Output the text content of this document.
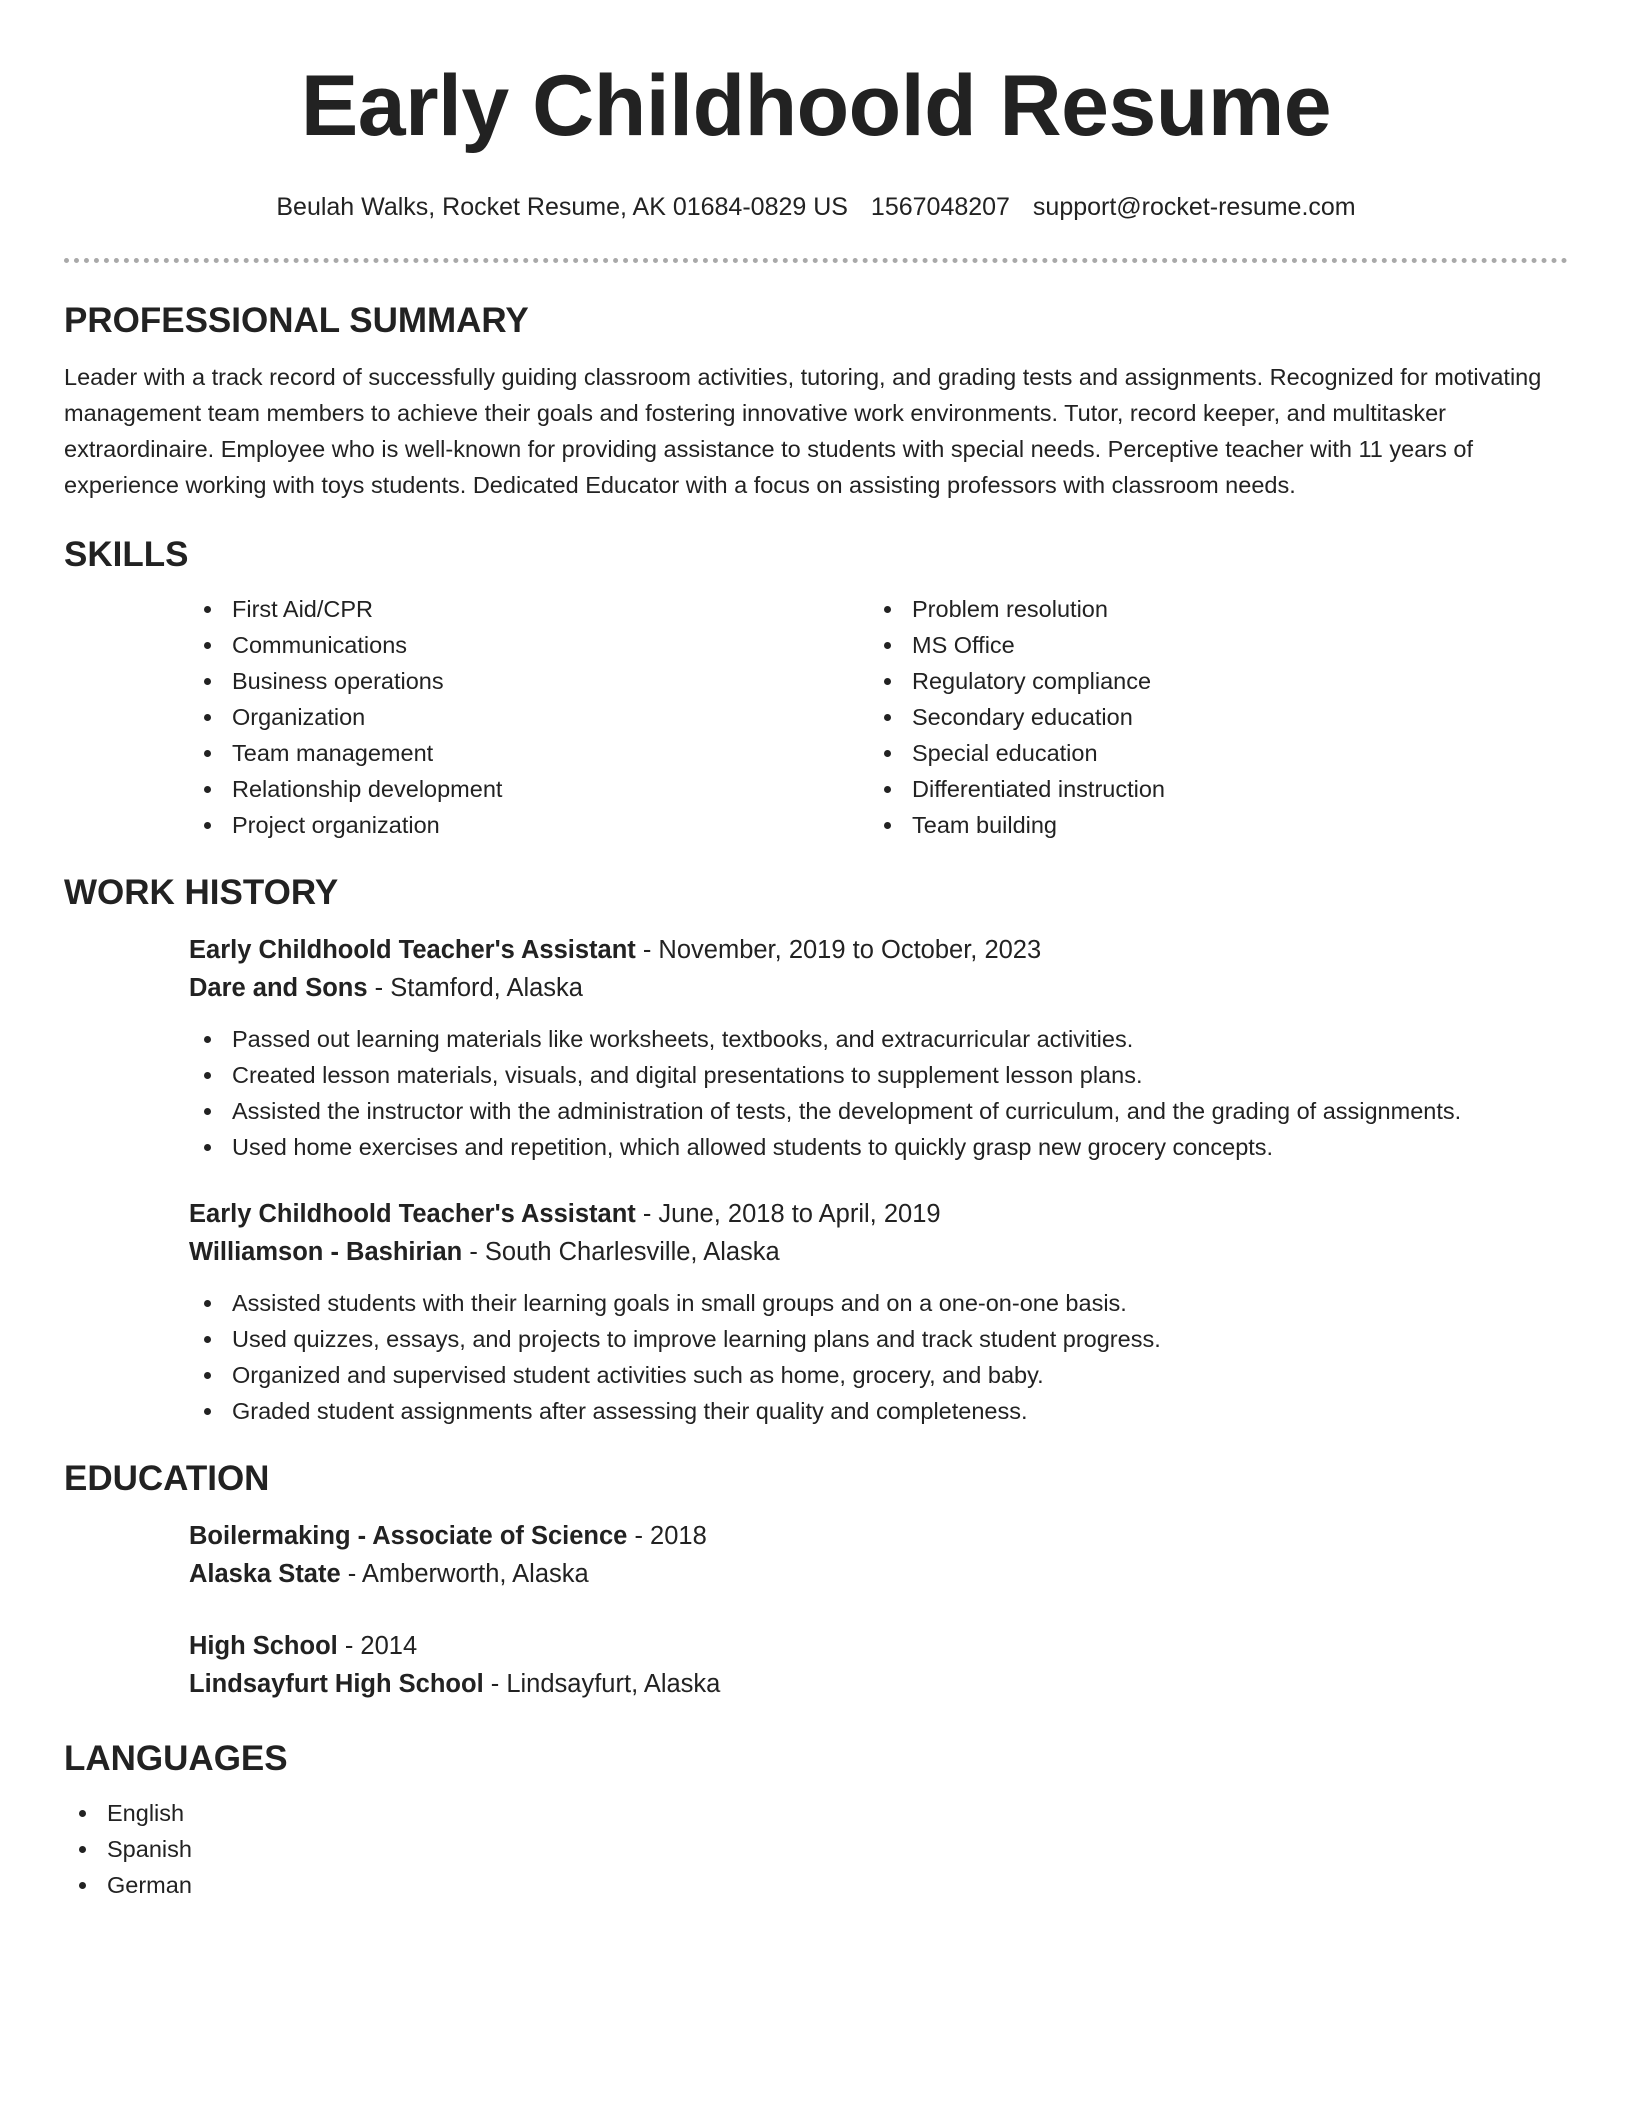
Early Childhoold Resume
Beulah Walks, Rocket Resume, AK 01684-0829 US 1567048207 support@rocket-resume.com
PROFESSIONAL SUMMARY

Leader with a track record of successfully guiding classroom activities, tutoring, and grading tests and assignments. Recognized for motivating management team members to achieve their goals and fostering innovative work environments. Tutor, record keeper, and multitasker extraordinaire. Employee who is well-known for providing assistance to students with special needs. Perceptive teacher with 11 years of experience working with toys students. Dedicated Educator with a focus on assisting professors with classroom needs.

SKILLS
First Aid/CPR
Communications
Business operations
Organization
Team management
Relationship development
Project organization
Problem resolution
MS Office
Regulatory compliance
Secondary education
Special education
Differentiated instruction
Team building
WORK HISTORY
Early Childhoold Teacher's Assistant - November, 2019 to October, 2023
Dare and Sons - Stamford, Alaska
Passed out learning materials like worksheets, textbooks, and extracurricular activities.
Created lesson materials, visuals, and digital presentations to supplement lesson plans.
Assisted the instructor with the administration of tests, the development of curriculum, and the grading of assignments.
Used home exercises and repetition, which allowed students to quickly grasp new grocery concepts.
Early Childhoold Teacher's Assistant - June, 2018 to April, 2019
Williamson - Bashirian - South Charlesville, Alaska
Assisted students with their learning goals in small groups and on a one-on-one basis.
Used quizzes, essays, and projects to improve learning plans and track student progress.
Organized and supervised student activities such as home, grocery, and baby.
Graded student assignments after assessing their quality and completeness.
EDUCATION
Boilermaking - Associate of Science - 2018
Alaska State - Amberworth, Alaska
High School - 2014
Lindsayfurt High School - Lindsayfurt, Alaska
LANGUAGES
English
Spanish
German
